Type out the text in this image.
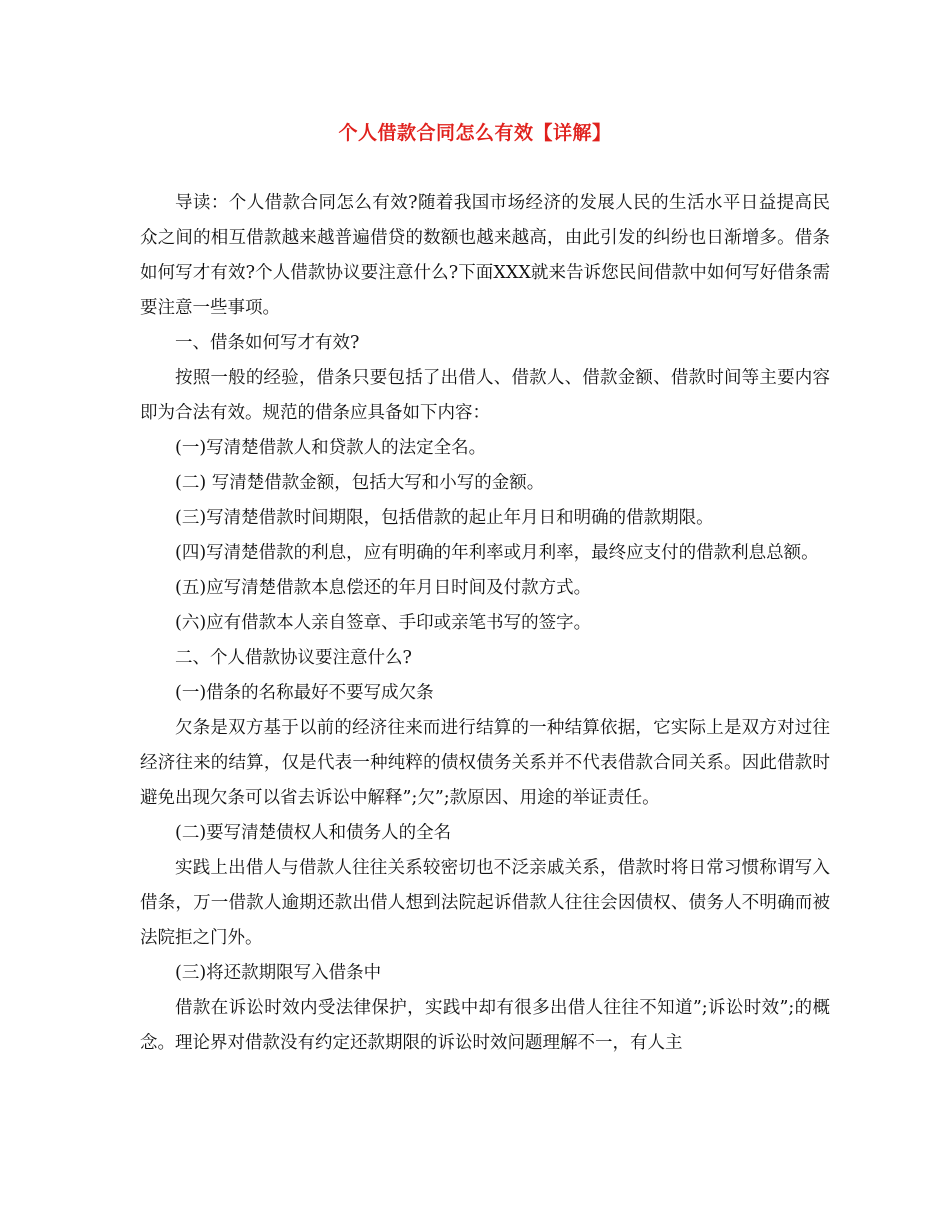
个人借款合同怎么有效【详解】

导读：个人借款合同怎么有效?随着我国市场经济的发展人民的生活水平日益提高民众之间的相互借款越来越普遍借贷的数额也越来越高，由此引发的纠纷也日渐增多。借条如何写才有效?个人借款协议要注意什么?下面XXX就来告诉您民间借款中如何写好借条需要注意一些事项。

一、借条如何写才有效?

按照一般的经验，借条只要包括了出借人、借款人、借款金额、借款时间等主要内容即为合法有效。规范的借条应具备如下内容：

(一)写清楚借款人和贷款人的法定全名。

(二) 写清楚借款金额，包括大写和小写的金额。

(三)写清楚借款时间期限，包括借款的起止年月日和明确的借款期限。

(四)写清楚借款的利息，应有明确的年利率或月利率，最终应支付的借款利息总额。

(五)应写清楚借款本息偿还的年月日时间及付款方式。

(六)应有借款本人亲自签章、手印或亲笔书写的签字。

二、个人借款协议要注意什么?

(一)借条的名称最好不要写成欠条

欠条是双方基于以前的经济往来而进行结算的一种结算依据，它实际上是双方对过往经济往来的结算，仅是代表一种纯粹的债权债务关系并不代表借款合同关系。因此借款时避免出现欠条可以省去诉讼中解释”;欠”;款原因、用途的举证责任。

(二)要写清楚债权人和债务人的全名

实践上出借人与借款人往往关系较密切也不泛亲戚关系，借款时将日常习惯称谓写入借条，万一借款人逾期还款出借人想到法院起诉借款人往往会因债权、债务人不明确而被法院拒之门外。

(三)将还款期限写入借条中

借款在诉讼时效内受法律保护，实践中却有很多出借人往往不知道”;诉讼时效”;的概念。理论界对借款没有约定还款期限的诉讼时效问题理解不一，有人主
